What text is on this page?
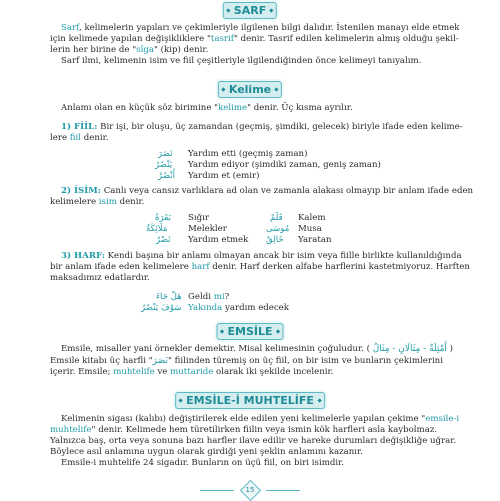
SARF
Sarf, kelimelerin yapıları ve çekimleriyle ilgilenen bilgi dalıdır. İstenilen manayı elde etmek
için kelimede yapılan değişikliklere "tasrif" denir. Tasrif edilen kelimelerin almış olduğu şekil-
lerin her birine de "sîga" (kip) denir.
Sarf ilmi, kelimenin isim ve fiil çeşitleriyle ilgilendiğinden önce kelimeyi tanıyalım.
Kelime
Anlamı olan en küçük söz birimine "kelime" denir. Üç kısma ayrılır.
1) FİİL: Bir işi, bir oluşu, üç zamandan (geçmiş, şimdiki, gelecek) biriyle ifade eden kelime-
lere fiil denir.
نَصَرَ Yardım etti (geçmiş zaman)
يَنْصُرُ Yardım ediyor (şimdiki zaman, geniş zaman)
اُنْصُرْ Yardım et (emir)
2) İSİM: Canlı veya cansız varlıklara ad olan ve zamanla alakası olmayıp bir anlam ifade eden
kelimelere isim denir.
بَقَرَةٌ Sığır
مَلَائِكَةٌ Melekler
نَصْرٌ Yardım etmek
قَلَمٌ Kalem
مُوسَى Musa
خَالِقٌ Yaratan
3) HARF: Kendi başına bir anlamı olmayan ancak bir isim veya fiille birlikte kullanıldığında
bir anlam ifade eden kelimelere harf denir. Harf derken alfabe harflerini kastetmiyoruz. Harften
maksadımız edatlardır.
هَلْ جَاءَ Geldi mi?
سَوْفَ يَنْصُرُ Yakında yardım edecek
EMSİLE
Emsile, misaller yani örnekler demektir. Misal kelimesinin çoğuludur. ( أَمْثِلَةٌ - مِثَالَانِ - مِثَالٌ )
Emsile kitabı üç harfli "نَصَرَ" fiilinden türemiş on üç fiil, on bir isim ve bunların çekimlerini
içerir. Emsile; muhtelife ve muttaride olarak iki şekilde incelenir.
EMSİLE-İ MUHTELİFE
Kelimenin sigası (kalıbı) değiştirilerek elde edilen yeni kelimelerle yapılan çekime "emsile-i
muhtelife" denir. Kelimede hem türetilirken fiilin veya ismin kök harfleri asla kaybolmaz.
Yalnızca baş, orta veya sonuna bazı harfler ilave edilir ve hareke durumları değişikliğe uğrar.
Böylece asıl anlamına uygun olarak girdiği yeni şeklin anlamını kazanır.
Emsile-i muhtelife 24 sigadır. Bunların on üçü fiil, on biri isimdir.
15
